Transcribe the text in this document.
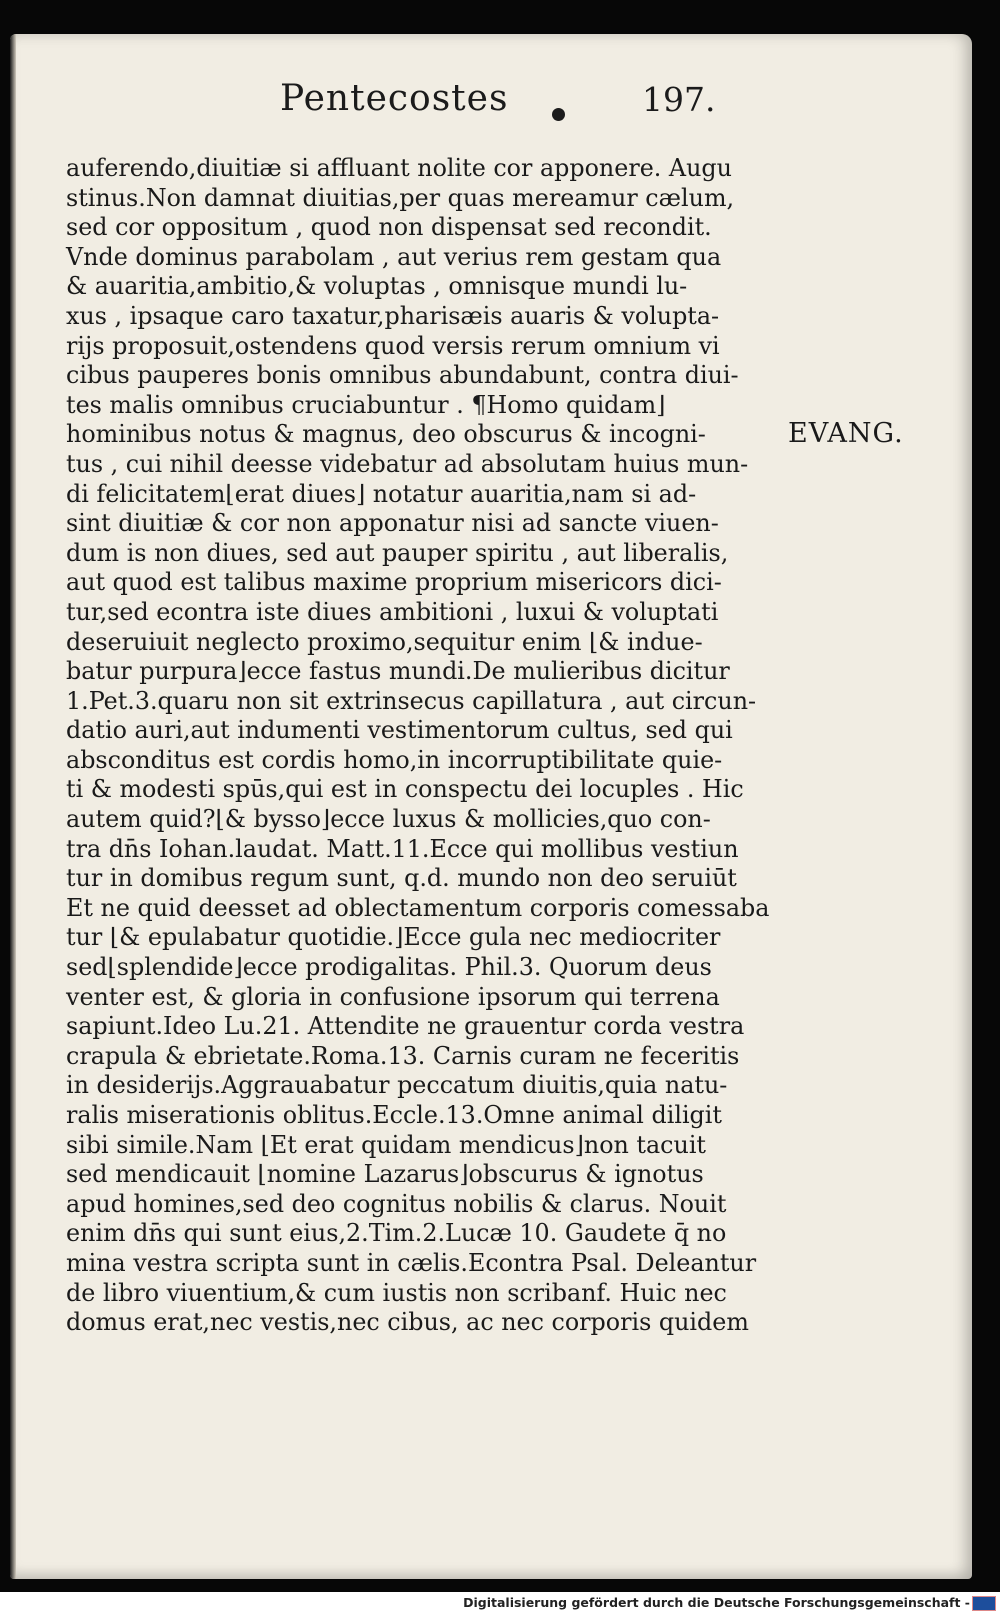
Pentecostes	197.
auferendo,diuitiæ si affluant nolite cor apponere. Augu
stinus.Non damnat diuitias,per quas mereamur cælum,
sed cor oppositum , quod non dispensat sed recondit.
Vnde dominus parabolam , aut verius rem gestam qua
& auaritia,ambitio,& voluptas , omnisque mundi lu-
xus , ipsaque caro taxatur,pharisæis auaris & volupta-
rijs proposuit,ostendens quod versis rerum omnium vi
cibus pauperes bonis omnibus abundabunt, contra diui-
tes malis omnibus cruciabuntur . ¶Homo quidam⌋
hominibus notus & magnus, deo obscurus & incogni-
tus , cui nihil deesse videbatur ad absolutam huius mun-
di felicitatem⌊erat diues⌋ notatur auaritia,nam si ad-
sint diuitiæ & cor non apponatur nisi ad sancte viuen-
dum is non diues, sed aut pauper spiritu , aut liberalis,
aut quod est talibus maxime proprium misericors dici-
tur,sed econtra iste diues ambitioni , luxui & voluptati
deseruiuit neglecto proximo,sequitur enim ⌊& indue-
batur purpura⌋ecce fastus mundi.De mulieribus dicitur
1.Pet.3.quaru non sit extrinsecus capillatura , aut circun-
datio auri,aut indumenti vestimentorum cultus, sed qui
absconditus est cordis homo,in incorruptibilitate quie-
ti & modesti spūs,qui est in conspectu dei locuples . Hic
autem quid?⌊& bysso⌋ecce luxus & mollicies,quo con-
tra dn̄s Iohan.laudat. Matt.11.Ecce qui mollibus vestiun
tur in domibus regum sunt, q.d. mundo non deo seruiūt
Et ne quid deesset ad oblectamentum corporis comessaba
tur ⌊& epulabatur quotidie.⌋Ecce gula nec mediocriter
sed⌊splendide⌋ecce prodigalitas. Phil.3. Quorum deus
venter est, & gloria in confusione ipsorum qui terrena
sapiunt.Ideo Lu.21. Attendite ne grauentur corda vestra
crapula & ebrietate.Roma.13. Carnis curam ne feceritis
in desiderijs.Aggrauabatur peccatum diuitis,quia natu-
ralis miserationis oblitus.Eccle.13.Omne animal diligit
sibi simile.Nam ⌊Et erat quidam mendicus⌋non tacuit
sed mendicauit ⌊nomine Lazarus⌋obscurus & ignotus
apud homines,sed deo cognitus nobilis & clarus. Nouit
enim dn̄s qui sunt eius,2.Tim.2.Lucæ 10. Gaudete q̄ no
mina vestra scripta sunt in cælis.Econtra Psal. Deleantur
de libro viuentium,& cum iustis non scribanf. Huic nec
domus erat,nec vestis,nec cibus, ac nec corporis quidem
EVANG.
Digitalisierung gefördert durch die Deutsche Forschungsgemeinschaft -
